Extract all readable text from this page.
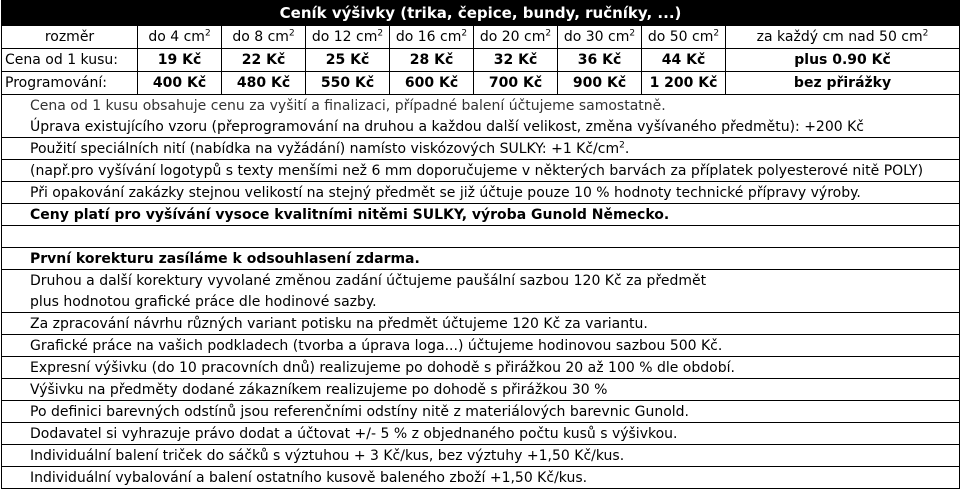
Ceník výšivky (trika, čepice, bundy, ručníky, ...)								
rozměr	do 4 $cm^2$	do 8 $cm^2$	do 12 $cm^2$	do 16 $cm^2$	do 20 $cm^2$	do 30 $cm^2$	do 50 $cm^2$	za každý cm nad 50 $cm^2$
Cena od 1 kusu:	19 Kč	22 Kč	25 Kč	28 Kč	32 Kč	36 Kč	44 Kč	plus 0.90 Kč
Programování:	400 Kč	480 Kč	550 Kč	600 Kč	700 Kč	900 Kč	1 200 Kč	bez přirážky
Cena od 1 kusu obsahuje cenu za vyšití a finalizaci, případné balení účtujeme samostatně.								
Úprava existujícího vzoru (přeprogramování na druhou a každou další velikost, změna vyšívaného předmětu): +200 Kč								
Použití speciálních nití (nabídka na vyžádání) namísto viskózových SULKY: +1 $Kč/cm^2$.								
(např.pro vyšívání logotypů s texty menšími než 6 mm doporučujeme v některých barvách za příplatek polyesterové nitě POLY)								
Při opakování zakázky stejnou velikostí na stejný předmět se již účtuje pouze 10 % hodnoty technické přípravy výroby.								
Ceny platí pro vyšívání vysoce kvalitními nitěmi SULKY, výroba Gunold Německo.								

První korekturu zasíláme k odsouhlasení zdarma.								
Druhou a další korektury vyvolané změnou zadání účtujeme paušální sazbou 120 Kč za předmět								
plus hodnotou grafické práce dle hodinové sazby.								
Za zpracování návrhu různých variant potisku na předmět účtujeme 120 Kč za variantu.								
Grafické práce na vašich podkladech (tvorba a úprava loga...) účtujeme hodinovou sazbou 500 Kč.								
Expresní výšivku (do 10 pracovních dnů) realizujeme po dohodě s přirážkou 20 až 100 % dle období.								
Výšivku na předměty dodané zákazníkem realizujeme po dohodě s přirážkou 30 %								
Po definici barevných odstínů jsou referenčními odstíny nitě z materiálových barevnic Gunold.								
Dodavatel si vyhrazuje právo dodat a účtovat +/- 5 % z objednaného počtu kusů s výšivkou.								
Individuální balení triček do sáčků s výztuhou + 3 Kč/kus, bez výztuhy +1,50 Kč/kus.								
Individuální vybalování a balení ostatního kusově baleného zboží +1,50 Kč/kus.								
